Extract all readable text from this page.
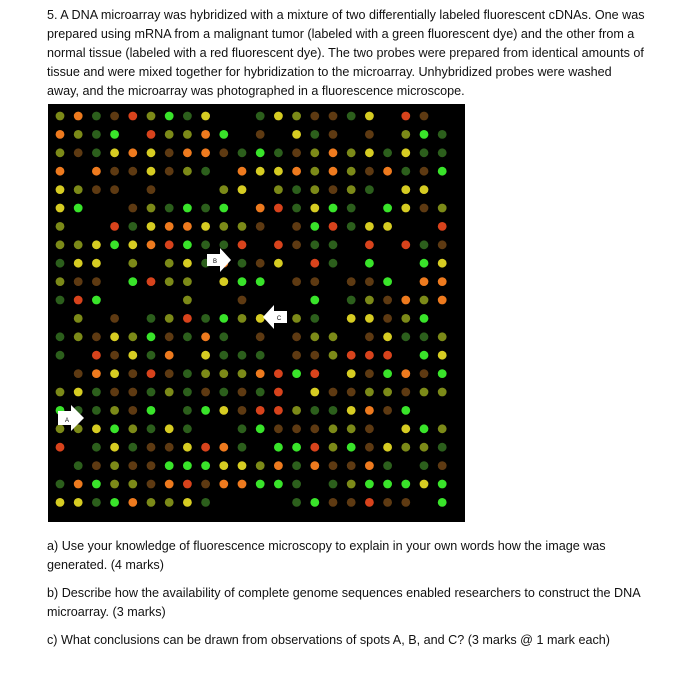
5. A DNA microarray was hybridized with a mixture of two differentially labeled fluorescent cDNAs. One was prepared using mRNA from a malignant tumor (labeled with a green fluorescent dye) and the other from a normal tissue (labeled with a red fluorescent dye). The two probes were prepared from identical amounts of tissue and were mixed together for hybridization to the microarray. Unhybridized probes were washed away, and the microarray was photographed in a fluorescence microscope.

A
B
C

a) Use your knowledge of fluorescence microscopy to explain in your own words how the image was generated. (4 marks)

b) Describe how the availability of complete genome sequences enabled researchers to construct the DNA microarray. (3 marks)

c) What conclusions can be drawn from observations of spots A, B, and C? (3 marks @ 1 mark each)
